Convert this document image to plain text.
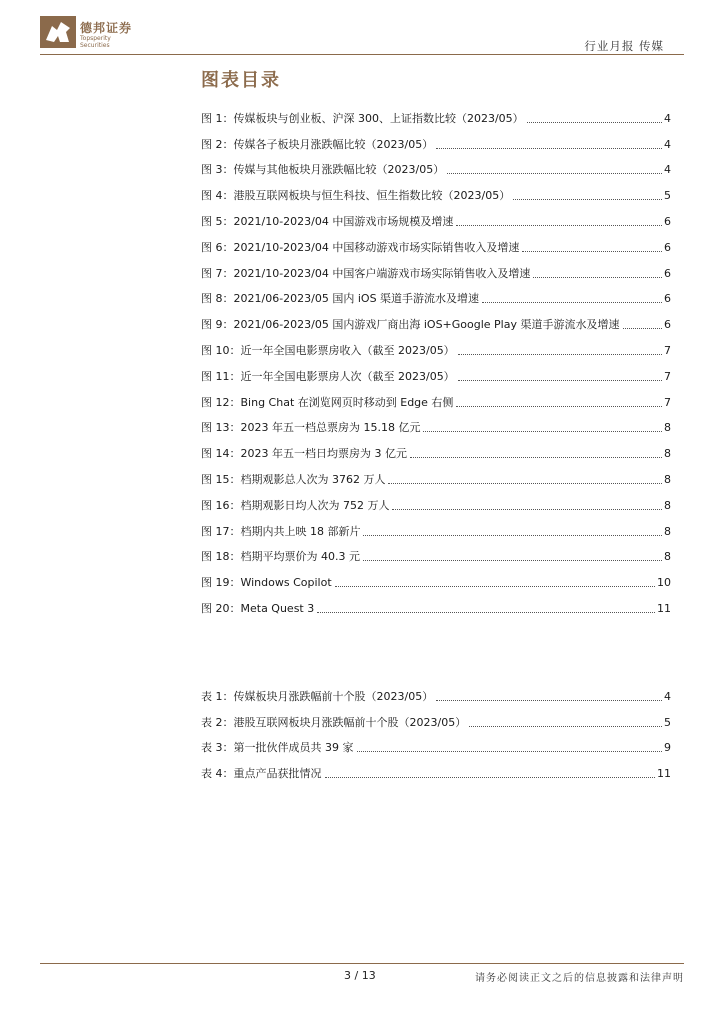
德邦证券
Topsperity Securities	行业月报 传媒
图表目录
图 1：传媒板块与创业板、沪深 300、上证指数比较（2023/05）	4
图 2：传媒各子板块月涨跌幅比较（2023/05）	4
图 3：传媒与其他板块月涨跌幅比较（2023/05）	4
图 4：港股互联网板块与恒生科技、恒生指数比较（2023/05）	5
图 5：2021/10-2023/04 中国游戏市场规模及增速	6
图 6：2021/10-2023/04 中国移动游戏市场实际销售收入及增速	6
图 7：2021/10-2023/04 中国客户端游戏市场实际销售收入及增速	6
图 8：2021/06-2023/05 国内 iOS 渠道手游流水及增速	6
图 9：2021/06-2023/05 国内游戏厂商出海 iOS+Google Play 渠道手游流水及增速	6
图 10：近一年全国电影票房收入（截至 2023/05）	7
图 11：近一年全国电影票房人次（截至 2023/05）	7
图 12：Bing Chat 在浏览网页时移动到 Edge 右侧	7
图 13：2023 年五一档总票房为 15.18 亿元	8
图 14：2023 年五一档日均票房为 3 亿元	8
图 15：档期观影总人次为 3762 万人	8
图 16：档期观影日均人次为 752 万人	8
图 17：档期内共上映 18 部新片	8
图 18：档期平均票价为 40.3 元	8
图 19：Windows Copilot	10
图 20：Meta Quest 3	11
表 1：传媒板块月涨跌幅前十个股（2023/05）	4
表 2：港股互联网板块月涨跌幅前十个股（2023/05）	5
表 3：第一批伙伴成员共 39 家	9
表 4：重点产品获批情况	11
3 / 13	请务必阅读正文之后的信息披露和法律声明
